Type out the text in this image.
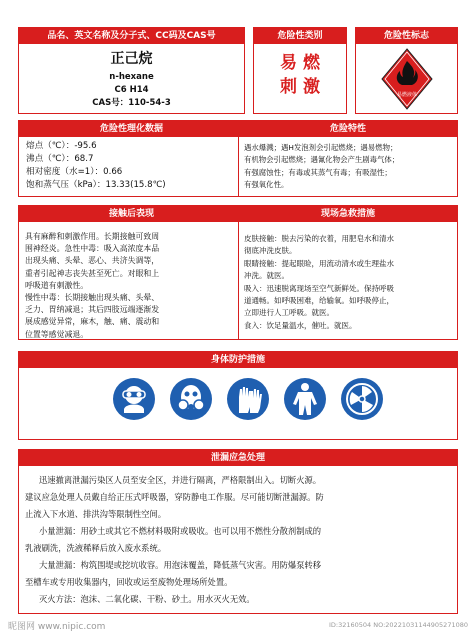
品名、英文名称及分子式、CC码及CAS号
正己烷
n-hexane
C6 H14
CAS号：110-54-3
危险性类别
易 燃
刺 激
危险性标志
易燃液体
危险性理化数据
熔点（℃）：-95.6
沸点（℃）：68.7
相对密度（水=1）：0.66
饱和蒸气压（kPa）：13.33(15.8℃)
危险特性
遇水爆溅；遇H发泡剂会引起燃烧；遇易燃物；
有机物会引起燃烧；遇氰化物会产生剧毒气体；
有强腐蚀性；有毒或其蒸气有毒；有吸湿性；
有强氧化性。
接触后表现
具有麻醉和刺激作用。长期接触可致周
围神经炎。急性中毒：吸入高浓度本品
出现头痛、头晕、恶心、共济失调等，
重者引起神志丧失甚至死亡。对眼和上
呼吸道有刺激性。
慢性中毒：长期接触出现头痛、头晕、
乏力、胃纳减退；其后四肢远端逐渐发
展成感觉异常，麻木，触、痛、震动和
位置等感觉减退。
现场急救措施
皮肤接触：脱去污染的衣着，用肥皂水和清水
彻底冲洗皮肤。
眼睛接触：提起眼睑，用流动清水或生理盐水
冲洗。就医。
吸入：迅速脱离现场至空气新鲜处。保持呼吸
道通畅。如呼吸困难，给输氧。如呼吸停止，
立即进行人工呼吸。就医。
食入：饮足量温水，催吐。就医。
身体防护措施
泄漏应急处理
迅速撤离泄漏污染区人员至安全区，并进行隔离，严格限制出入。切断火源。
建议应急处理人员戴自给正压式呼吸器，穿防静电工作服。尽可能切断泄漏源。防
止流入下水道、排洪沟等限制性空间。
小量泄漏：用砂土或其它不燃材料吸附或吸收。也可以用不燃性分散剂制成的
乳液刷洗，洗液稀释后放入废水系统。
大量泄漏：构筑围堤或挖坑收容。用泡沫覆盖，降低蒸气灾害。用防爆泵转移
至槽车或专用收集器内，回收或运至废物处理场所处置。
灭火方法：泡沫、二氧化碳、干粉、砂土。用水灭火无效。
昵图网 www.nipic.com	ID:32160504 NO:20221031144905271080
